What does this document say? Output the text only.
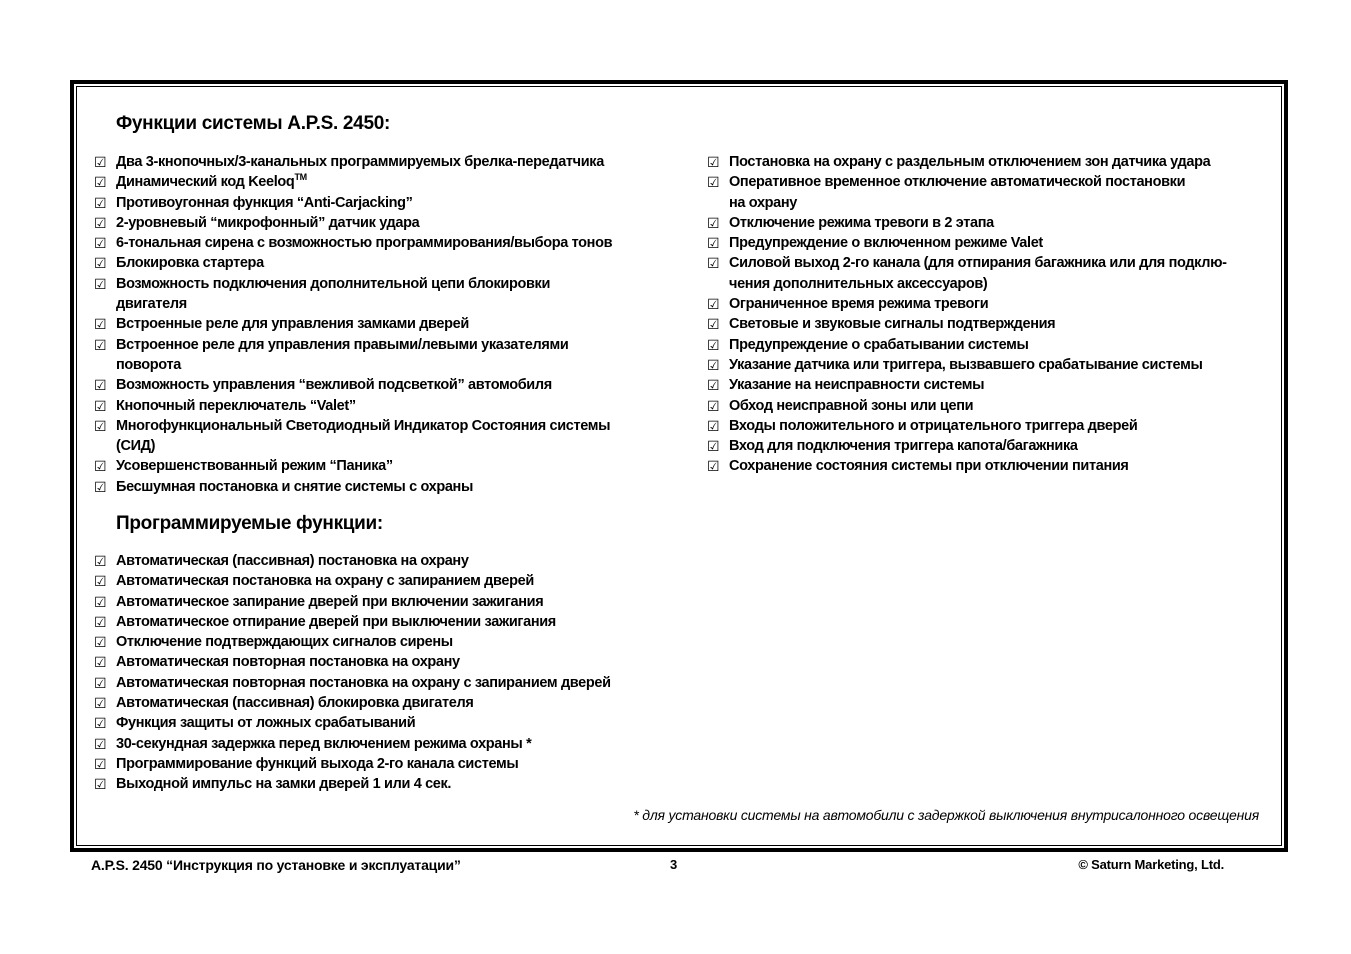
Функции системы A.P.S. 2450:
☑ Два 3-кнопочных/3-канальных программируемых брелка-передатчика
☑ Динамический код Keeloq™
☑ Противоугонная функция “Anti-Carjacking”
☑ 2-уровневый “микрофонный” датчик удара
☑ 6-тональная сирена с возможностью программирования/выбора тонов
☑ Блокировка стартера
☑ Возможность подключения дополнительной цепи блокировки
двигателя
☑ Встроенные реле для управления замками дверей
☑ Встроенное реле для управления правыми/левыми указателями
поворота
☑ Возможность управления “вежливой подсветкой” автомобиля
☑ Кнопочный переключатель “Valet”
☑ Многофункциональный Светодиодный Индикатор Состояния системы
(СИД)
☑ Усовершенствованный режим “Паника”
☑ Бесшумная постановка и снятие системы с охраны
Программируемые функции:
☑ Автоматическая (пассивная) постановка на охрану
☑ Автоматическая постановка на охрану с запиранием дверей
☑ Автоматическое запирание дверей при включении зажигания
☑ Автоматическое отпирание дверей при выключении зажигания
☑ Отключение подтверждающих сигналов сирены
☑ Автоматическая повторная постановка на охрану
☑ Автоматическая повторная постановка на охрану с запиранием дверей
☑ Автоматическая (пассивная) блокировка двигателя
☑ Функция защиты от ложных срабатываний
☑ 30-секундная задержка перед включением режима охраны *
☑ Программирование функций выхода 2-го канала системы
☑ Выходной импульс на замки дверей 1 или 4 сек.
☑ Постановка на охрану с раздельным отключением зон датчика удара
☑ Оперативное временное отключение автоматической постановки
на охрану
☑ Отключение режима тревоги в 2 этапа
☑ Предупреждение о включенном режиме Valet
☑ Силовой выход 2-го канала (для отпирания багажника или для подклю-
чения дополнительных аксессуаров)
☑ Ограниченное время режима тревоги
☑ Световые и звуковые сигналы подтверждения
☑ Предупреждение о срабатывании системы
☑ Указание датчика или триггера, вызвавшего срабатывание системы
☑ Указание на неисправности системы
☑ Обход неисправной зоны или цепи
☑ Входы положительного и отрицательного триггера дверей
☑ Вход для подключения триггера капота/багажника
☑ Сохранение состояния системы при отключении питания
* для установки системы на автомобили с задержкой выключения внутрисалонного освещения
A.P.S. 2450 “Инструкция по установке и эксплуатации”	3	© Saturn Marketing, Ltd.
